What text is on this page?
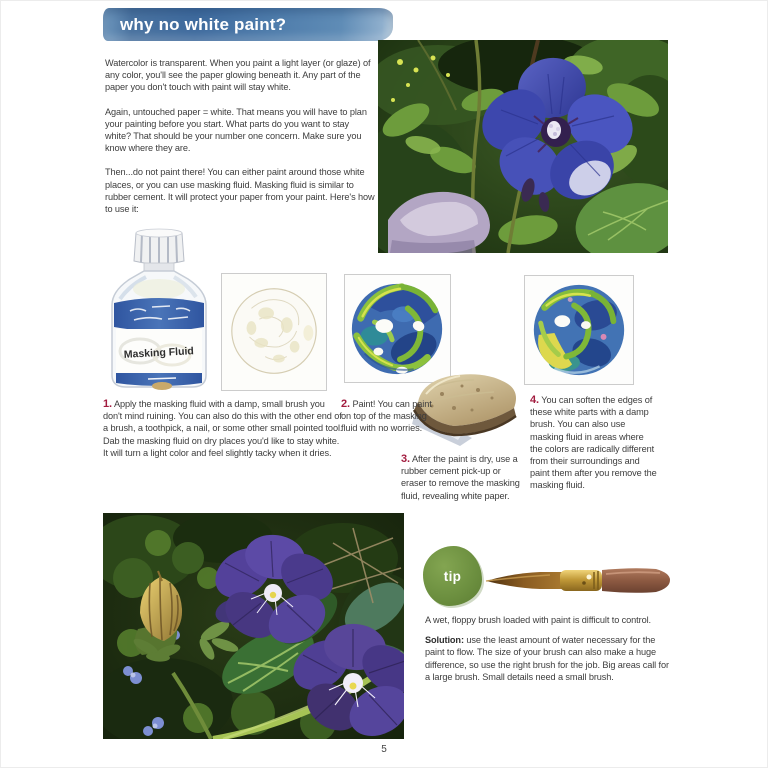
why no white paint?

Watercolor is transparent. When you paint a light layer (or glaze) of any color, you'll see the paper glowing beneath it. Any part of the paper you don't touch with paint will stay white.

Again, untouched paper = white. That means you will have to plan your painting before you start. What parts do you want to stay white? That should be your number one concern. Make sure you know where they are.

Then...do not paint there! You can either paint around those white places, or you can use masking fluid. Masking fluid is similar to rubber cement. It will protect your paper from your paint. Here's how to use it:

Masking Fluid
1. Apply the masking fluid with a damp, small brush you don't mind ruining. You can also do this with the other end of a brush, a toothpick, a nail, or some other small pointed tool. Dab the masking fluid on dry places you'd like to stay white. It will turn a light color and feel slightly tacky when it dries.
2. Paint! You can paint on top of the masking fluid with no worries.
3. After the paint is dry, use a rubber cement pick-up or eraser to remove the masking fluid, revealing white paper.
4. You can soften the edges of these white parts with a damp brush. You can also use masking fluid in areas where the colors are radically different from their surroundings and paint them after you remove the masking fluid.
tip

A wet, floppy brush loaded with paint is difficult to control.

Solution: use the least amount of water necessary for the paint to flow. The size of your brush can also make a huge difference, so use the right brush for the job. Big areas call for a large brush. Small details need a small brush.

5
